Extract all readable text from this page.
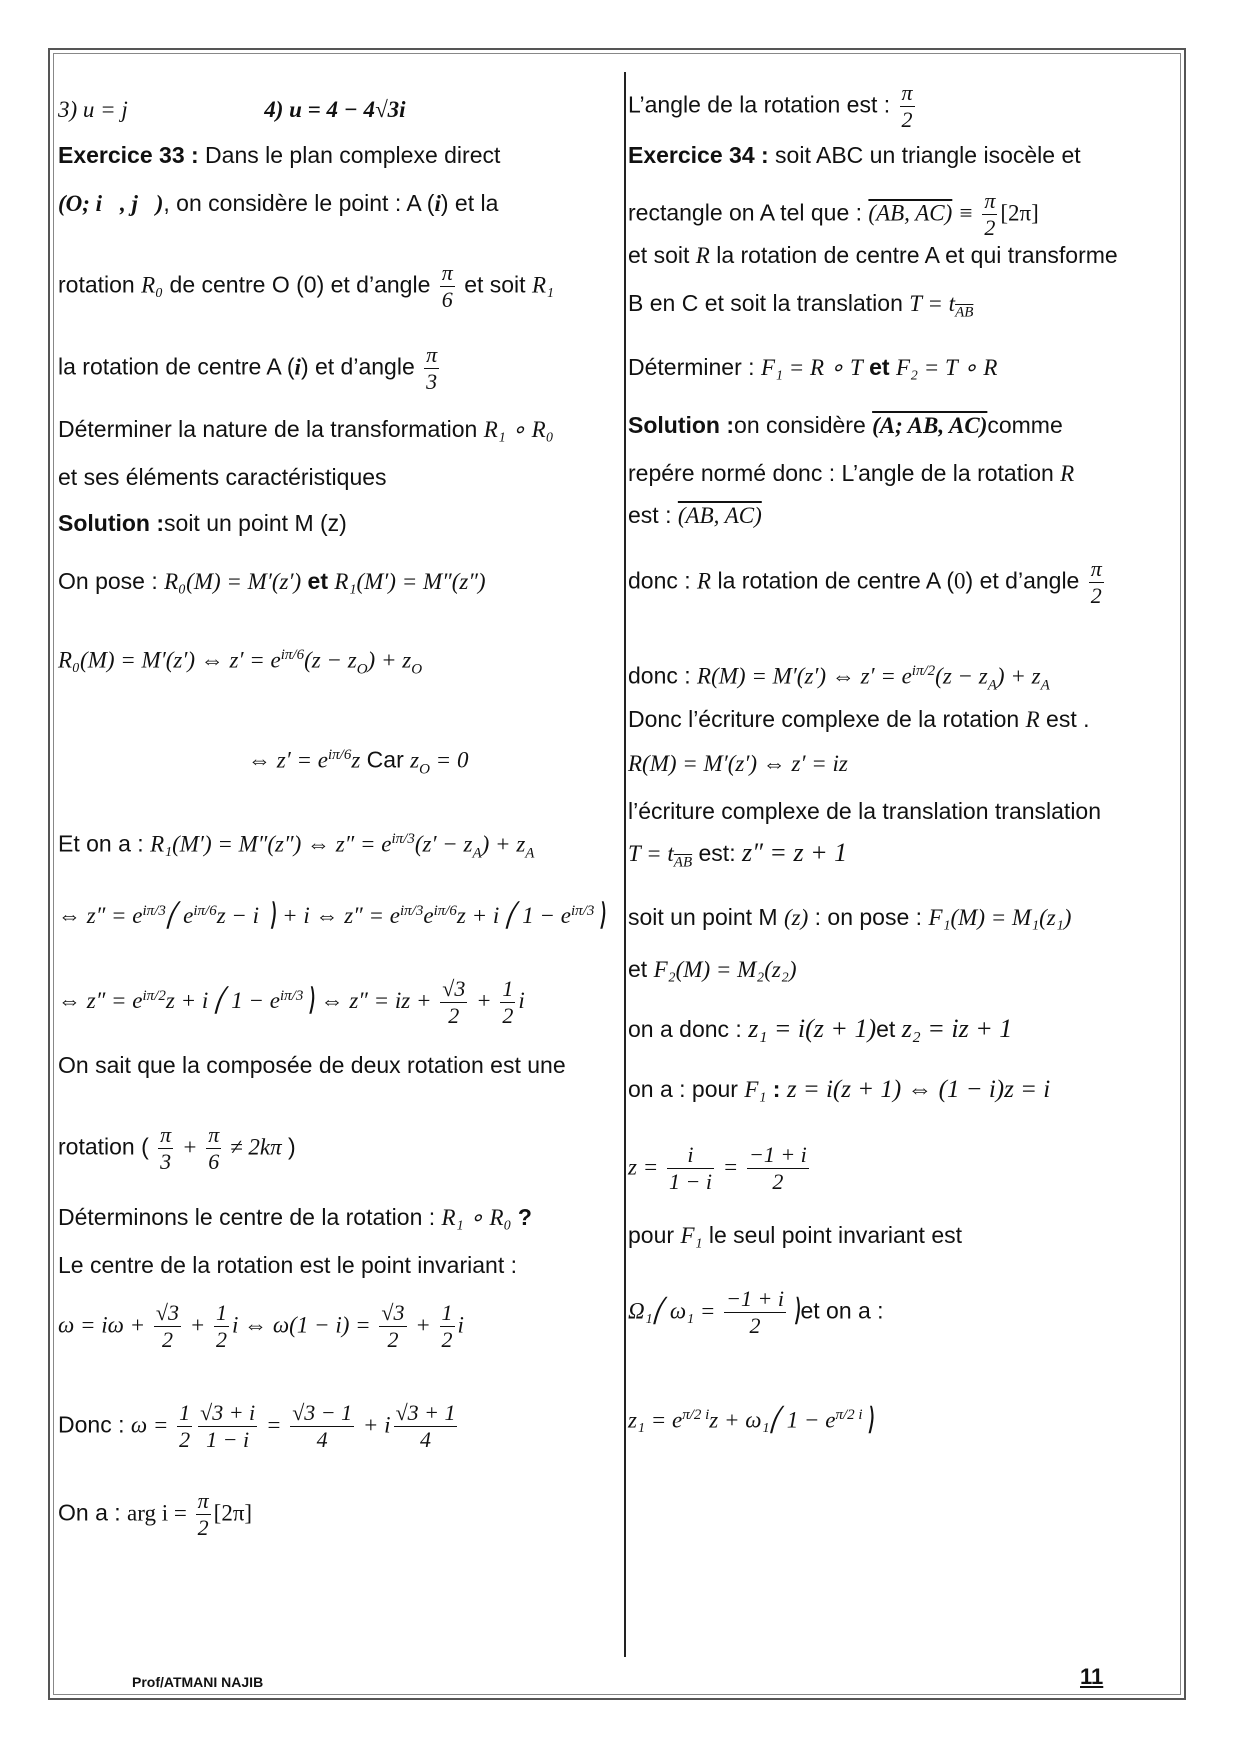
3) u = j	4) u = 4 − 4√3i
Exercice 33 : Dans le plan complexe direct
(O; i⃗, j⃗), on considère le point : A (i) et la
rotation R₀ de centre O (0) et d’angle $\frac{\pi}{6}$ et soit R₁
la rotation de centre A (i) et d’angle $\frac{\pi}{3}$
Déterminer la nature de la transformation R₁ ∘ R₀
et ses éléments caractéristiques
Solution :soit un point M (z)
On pose : R₀(M) = M′(z′) et R₁(M′) = M″(z″)
R₀(M) = M′(z′) ⇔ $z' = e^{i\pi/6}(z - z_O) + z_O$
⇔ $z' = e^{i\pi/6}z$ Car $z_O = 0$
Et on a : R₁(M′) = M″(z″) ⇔ $z'' = e^{i\pi/3}(z' - z_A) + z_A$
⇔ $z'' = e^{i\pi/3}⎛$ $e^{i\pi/6}z - i$ ⎞ + i ⇔ $z'' = e^{i\pi/3}e^{i\pi/6}z + i$ ⎛ $1 - e^{i\pi/3}⎞$
⇔ $z'' = e^{i\pi/2}z + i$ ⎛ $1 - e^{i\pi/3}⎞$ ⇔ z″ = iz + $\frac{√3}{2} + \frac{1}{2}$ i
On sait que la composée de deux rotation est une
rotation ( $\frac{\pi}{3} + \frac{\pi}{6} \ne 2k\pi$ )
Déterminons le centre de la rotation : R₁ ∘ R₀ ?
Le centre de la rotation est le point invariant :
$\omega = i\omega + \frac{√3}{2} + \frac{1}{2}$ i ⇔ $\omega(1 - i) = \frac{√3}{2} + \frac{1}{2}$ i
Donc : $\omega = \frac{1}{2} \frac{√3 + i}{1 - i} = \frac{√3 - 1}{4} + i \frac{√3 + 1}{4}$
On a : arg $i = \frac{\pi}{2} [2\pi]$
L’angle de la rotation est : $\frac{\pi}{2}$
Exercice 34 : soit ABC un triangle isocèle et
rectangle on A tel que : (AB, $AC) \equiv \frac{\pi}{2} [2\pi]$
et soit R la rotation de centre A et qui transforme
B en C et soit la translation $T = t_{\overline{AB}}$
Déterminer : F₁ = R ∘ T et F₂ = T ∘ R
Solution :on considère (A; AB, AC)comme
repére normé donc : L’angle de la rotation R
est : (AB, AC)
donc : R la rotation de centre A (0) et d’angle $\frac{\pi}{2}$
donc : R(M) = M′(z′) ⇔ $z' = e^{i\pi/2}(z - z_A) + z_A$
Donc l’écriture complexe de la rotation R est .
R(M) = M′(z′) ⇔ z′ = iz
l’écriture complexe de la translation translation
$T = t_{\overline{AB}}$ est: z″ = z + 1
soit un point M (z) : on pose : F₁(M) = M₁(z₁)
et F₂(M) = M₂(z₂)
on a donc : z₁ = i(z + 1)et z₂ = iz + 1
on a : pour F₁ : z = i(z + 1) ⇔ (1 − i)z = i
$z = \frac{i}{1 - i} = \frac{-1 + i}{2}$
pour F₁ le seul point invariant est
Ω₁⎛ $\omega_1 = \frac{-1 + i}{2}$ ⎞et on a :
$z_1 = e^{\pi/2 i}z$ + ω₁⎛ $1 - e^{\pi/2 i}⎞$
Prof/ATMANI NAJIB	11
